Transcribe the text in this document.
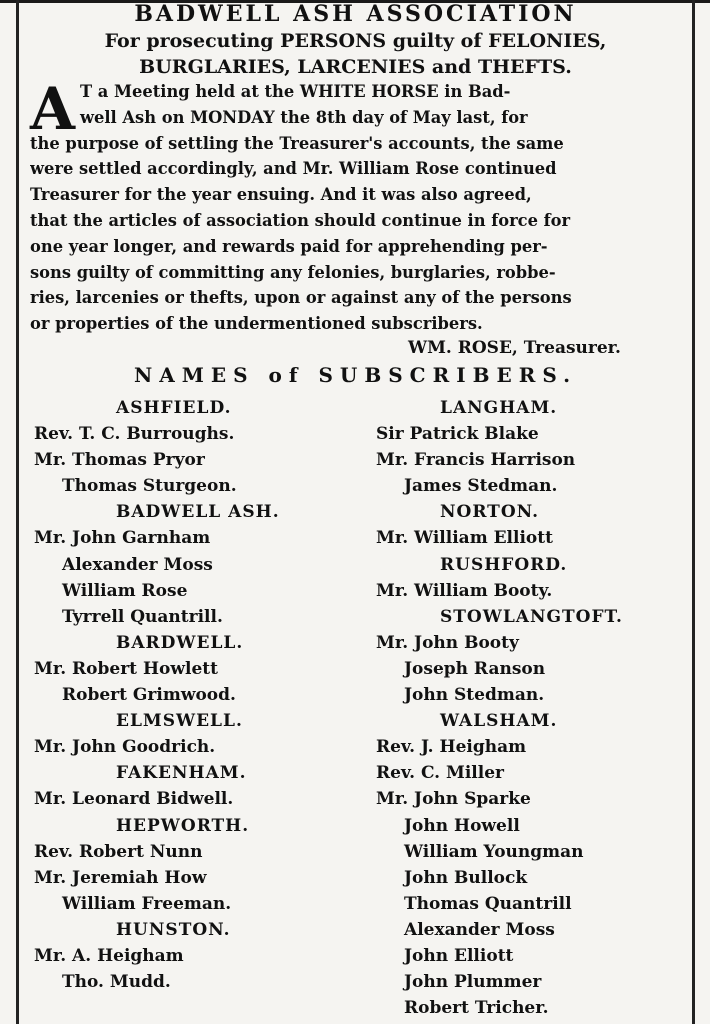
BADWELL ASH ASSOCIATION
For prosecuting PERSONS guilty of FELONIES,
BURGLARIES, LARCENIES and THEFTS.
A T a Meeting held at the WHITE HORSE in Bad-
well Ash on MONDAY the 8th day of May last, for
the purpose of settling the Treasurer's accounts, the same
were settled accordingly, and Mr. William Rose continued
Treasurer for the year ensuing. And it was also agreed,
that the articles of association should continue in force for
one year longer, and rewards paid for apprehending per-
sons guilty of committing any felonies, burglaries, robbe-
ries, larcenies or thefts, upon or against any of the persons
or properties of the undermentioned subscribers.
WM. ROSE, Treasurer.
NAMES of SUBSCRIBERS.
ASHFIELD.
Rev. T. C. Burroughs.
Mr. Thomas Pryor
Thomas Sturgeon.
BADWELL ASH.
Mr. John Garnham
Alexander Moss
William Rose
Tyrrell Quantrill.
BARDWELL.
Mr. Robert Howlett
Robert Grimwood.
ELMSWELL.
Mr. John Goodrich.
FAKENHAM.
Mr. Leonard Bidwell.
HEPWORTH.
Rev. Robert Nunn
Mr. Jeremiah How
William Freeman.
HUNSTON.
Mr. A. Heigham
Tho. Mudd.
LANGHAM.
Sir Patrick Blake
Mr. Francis Harrison
James Stedman.
NORTON.
Mr. William Elliott
RUSHFORD.
Mr. William Booty.
STOWLANGTOFT.
Mr. John Booty
Joseph Ranson
John Stedman.
WALSHAM.
Rev. J. Heigham
Rev. C. Miller
Mr. John Sparke
John Howell
William Youngman
John Bullock
Thomas Quantrill
Alexander Moss
John Elliott
John Plummer
Robert Tricher.
